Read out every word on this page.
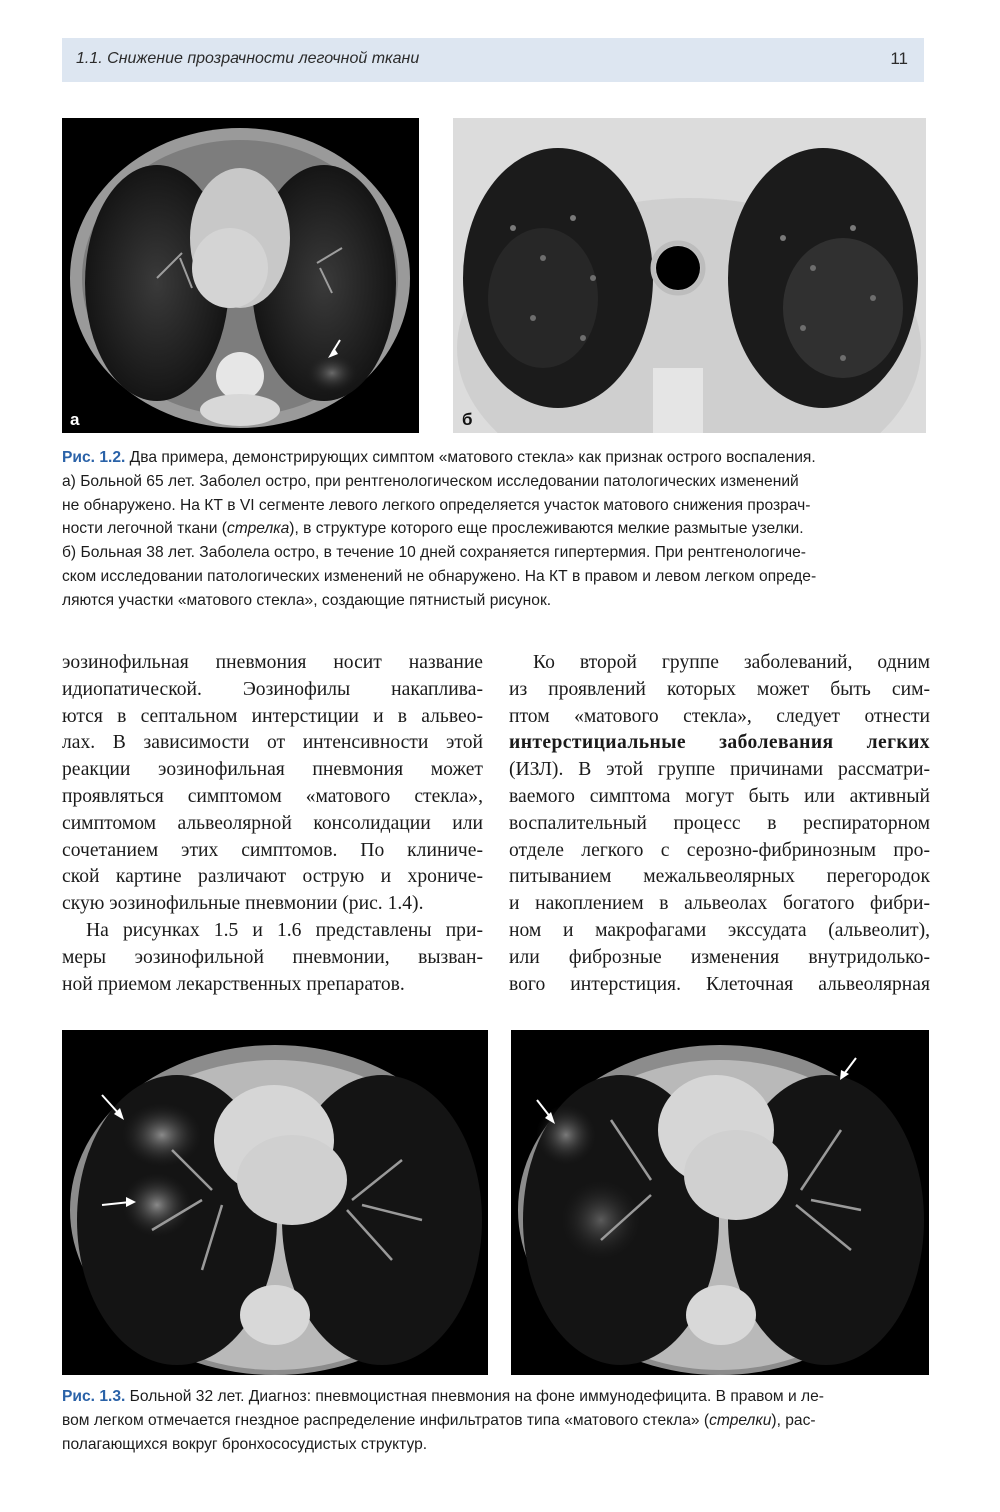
1.1. Снижение прозрачности легочной ткани	11
а	б
Рис. 1.2. Два примера, демонстрирующих симптом «матового стекла» как признак острого воспаления.
а) Больной 65 лет. Заболел остро, при рентгенологическом исследовании патологических изменений
не обнаружено. На КТ в VI сегменте левого легкого определяется участок матового снижения прозрач-
ности легочной ткани (стрелка), в структуре которого еще прослеживаются мелкие размытые узелки.
б) Больная 38 лет. Заболела остро, в течение 10 дней сохраняется гипертермия. При рентгенологиче-
ском исследовании патологических изменений не обнаружено. На КТ в правом и левом легком опреде-
ляются участки «матового стекла», создающие пятнистый рисунок.
эозинофильная пневмония носит название
идиопатической. Эозинофилы накаплива-
ются в септальном интерстиции и в альвео-
лах. В зависимости от интенсивности этой
реакции эозинофильная пневмония может
проявляться симптомом «матового стекла»,
симптомом альвеолярной консолидации или
сочетанием этих симптомов. По клиниче-
ской картине различают острую и хрониче-
скую эозинофильные пневмонии (рис. 1.4).
На рисунках 1.5 и 1.6 представлены при-
меры эозинофильной пневмонии, вызван-
ной приемом лекарственных препаратов.
Ко второй группе заболеваний, одним
из проявлений которых может быть сим-
птом «матового стекла», следует отнести
интерстициальные заболевания легких
(ИЗЛ). В этой группе причинами рассматри-
ваемого симптома могут быть или активный
воспалительный процесс в респираторном
отделе легкого с серозно-фибринозным про-
питыванием межальвеолярных перегородок
и накоплением в альвеолах богатого фибри-
ном и макрофагами экссудата (альвеолит),
или фиброзные изменения внутридолько-
вого интерстиция. Клеточная альвеолярная
Рис. 1.3. Больной 32 лет. Диагноз: пневмоцистная пневмония на фоне иммунодефицита. В правом и ле-
вом легком отмечается гнездное распределение инфильтратов типа «матового стекла» (стрелки), рас-
полагающихся вокруг бронхососудистых структур.
